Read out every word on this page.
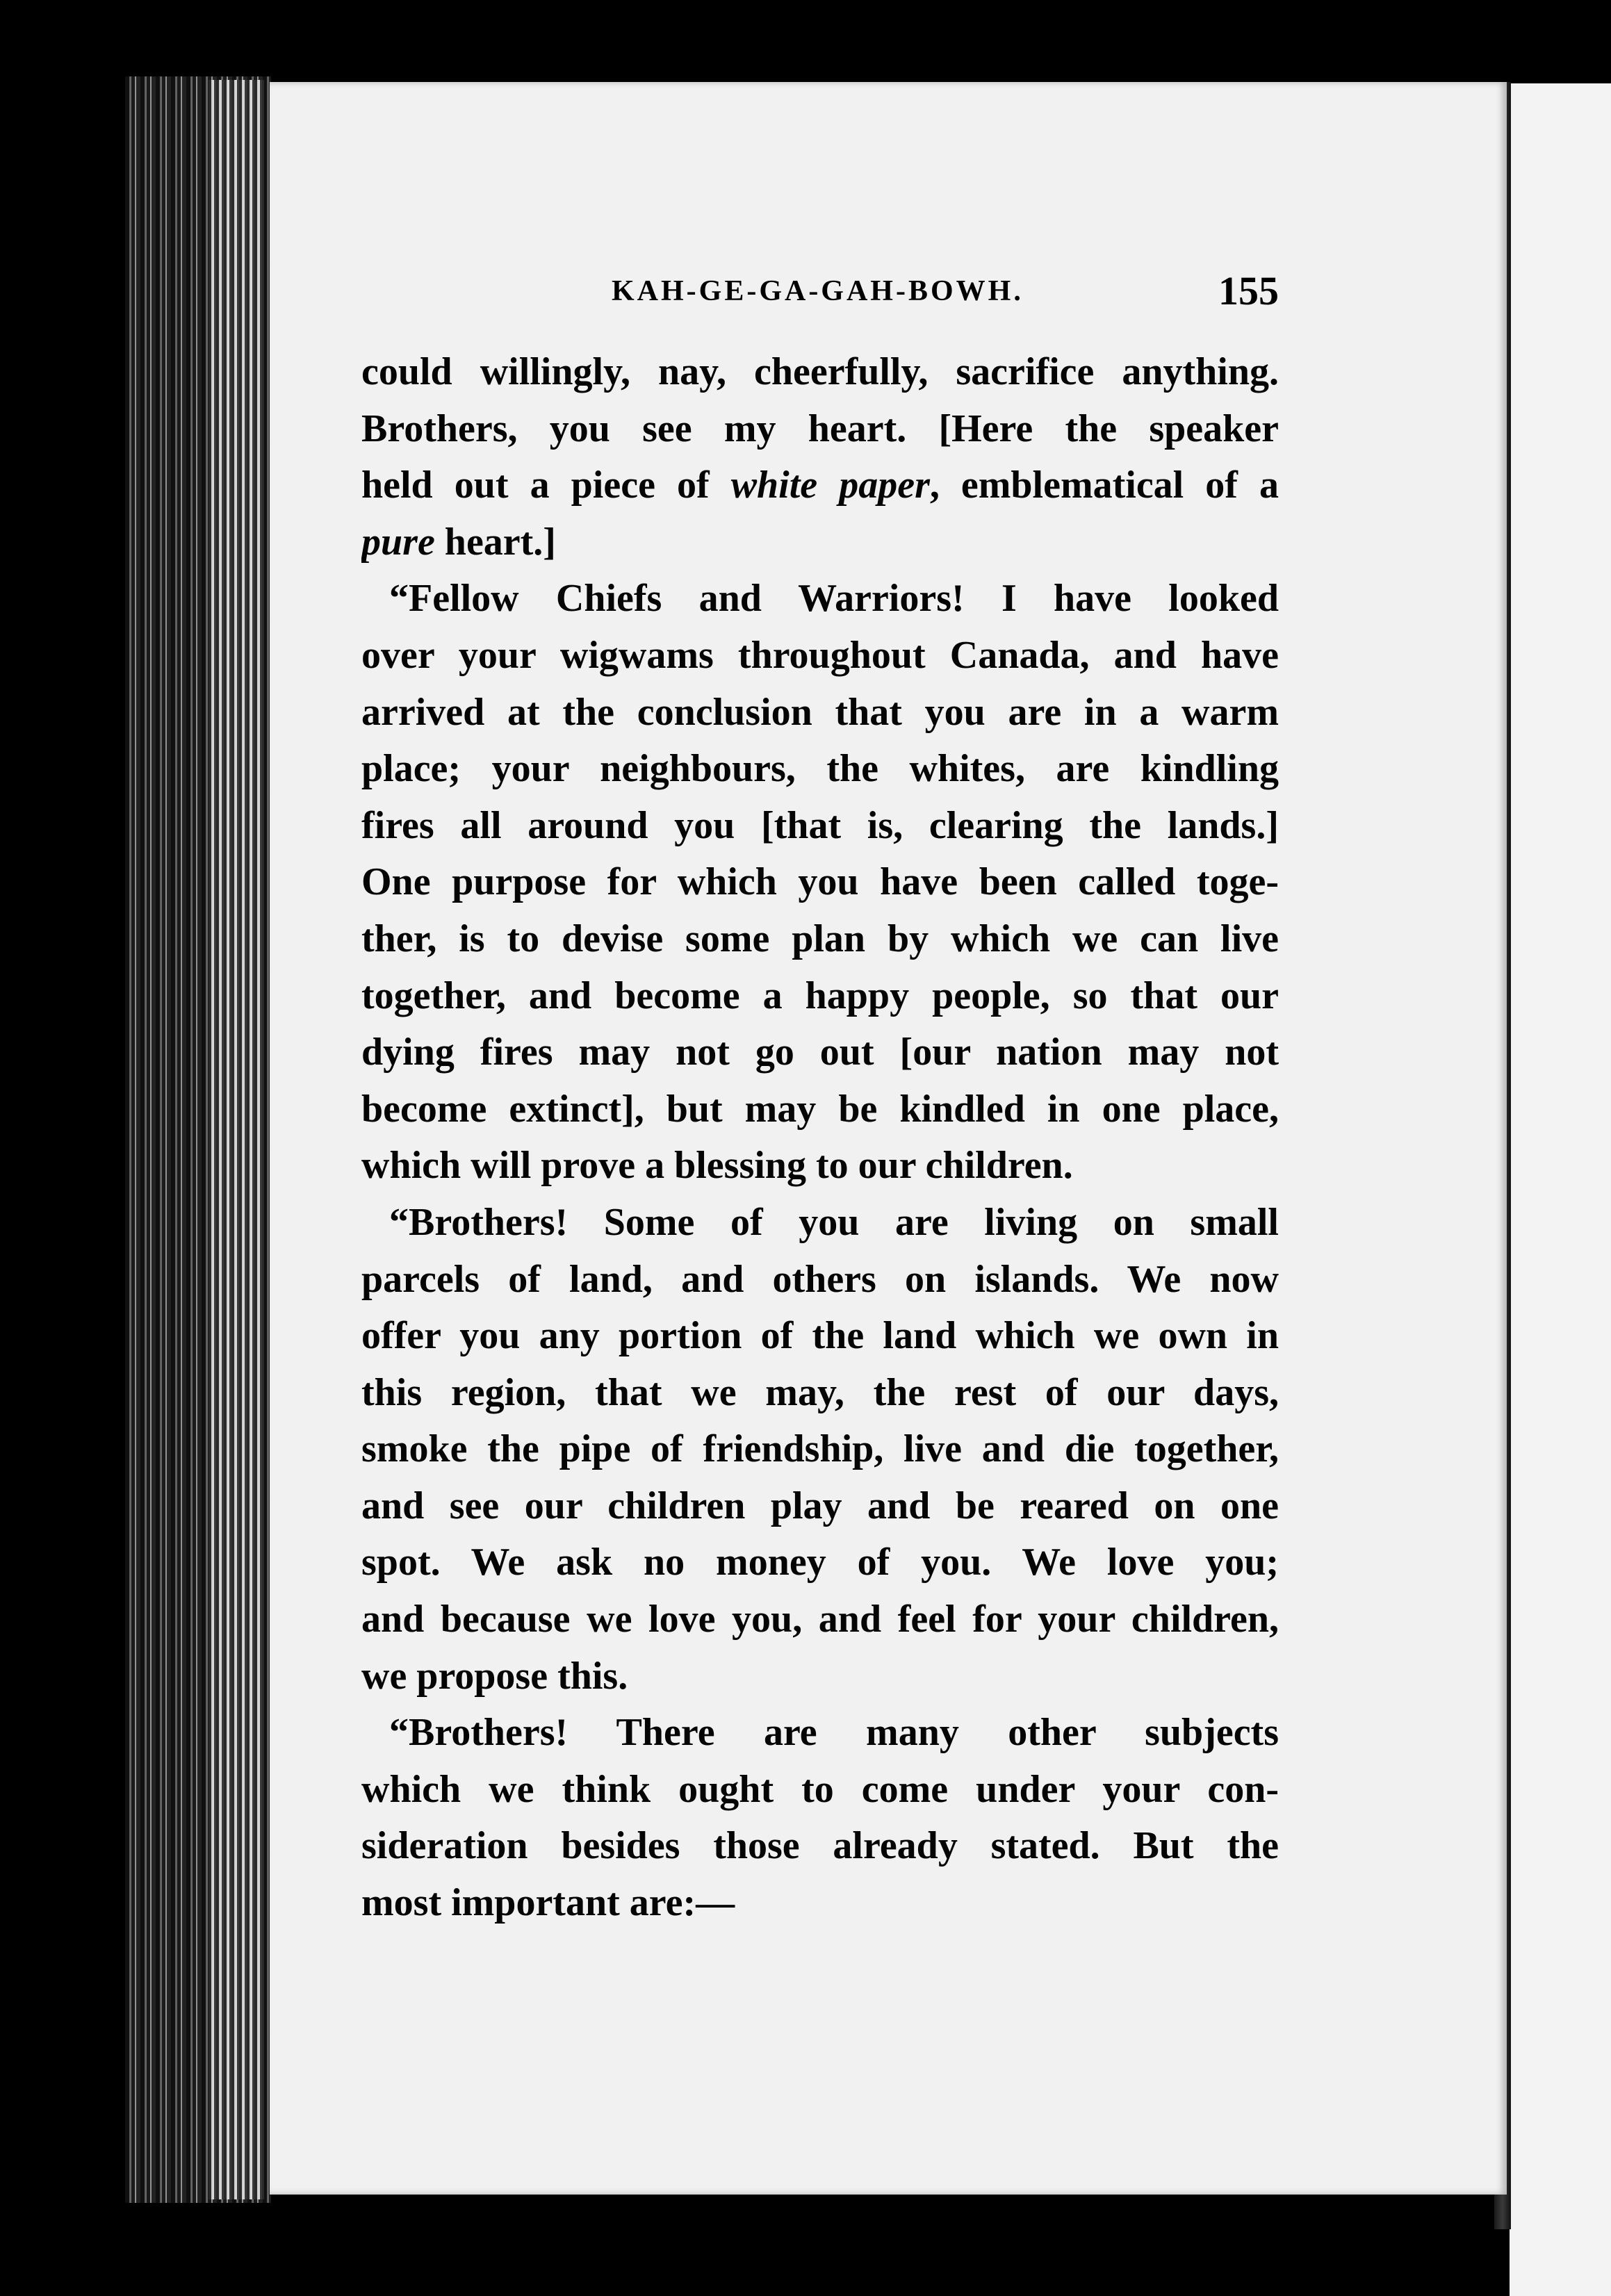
KAH-GE-GA-GAH-BOWH.	155
could willingly, nay, cheerfully, sacrifice anything.
Brothers, you see my heart. [Here the speaker
held out a piece of white paper, emblematical of a
pure heart.]
“Fellow Chiefs and Warriors! I have looked
over your wigwams throughout Canada, and have
arrived at the conclusion that you are in a warm
place; your neighbours, the whites, are kindling
fires all around you [that is, clearing the lands.]
One purpose for which you have been called toge-
ther, is to devise some plan by which we can live
together, and become a happy people, so that our
dying fires may not go out [our nation may not
become extinct], but may be kindled in one place,
which will prove a blessing to our children.
“Brothers! Some of you are living on small
parcels of land, and others on islands. We now
offer you any portion of the land which we own in
this region, that we may, the rest of our days,
smoke the pipe of friendship, live and die together,
and see our children play and be reared on one
spot. We ask no money of you. We love you;
and because we love you, and feel for your children,
we propose this.
“Brothers! There are many other subjects
which we think ought to come under your con-
sideration besides those already stated. But the
most important are:—
